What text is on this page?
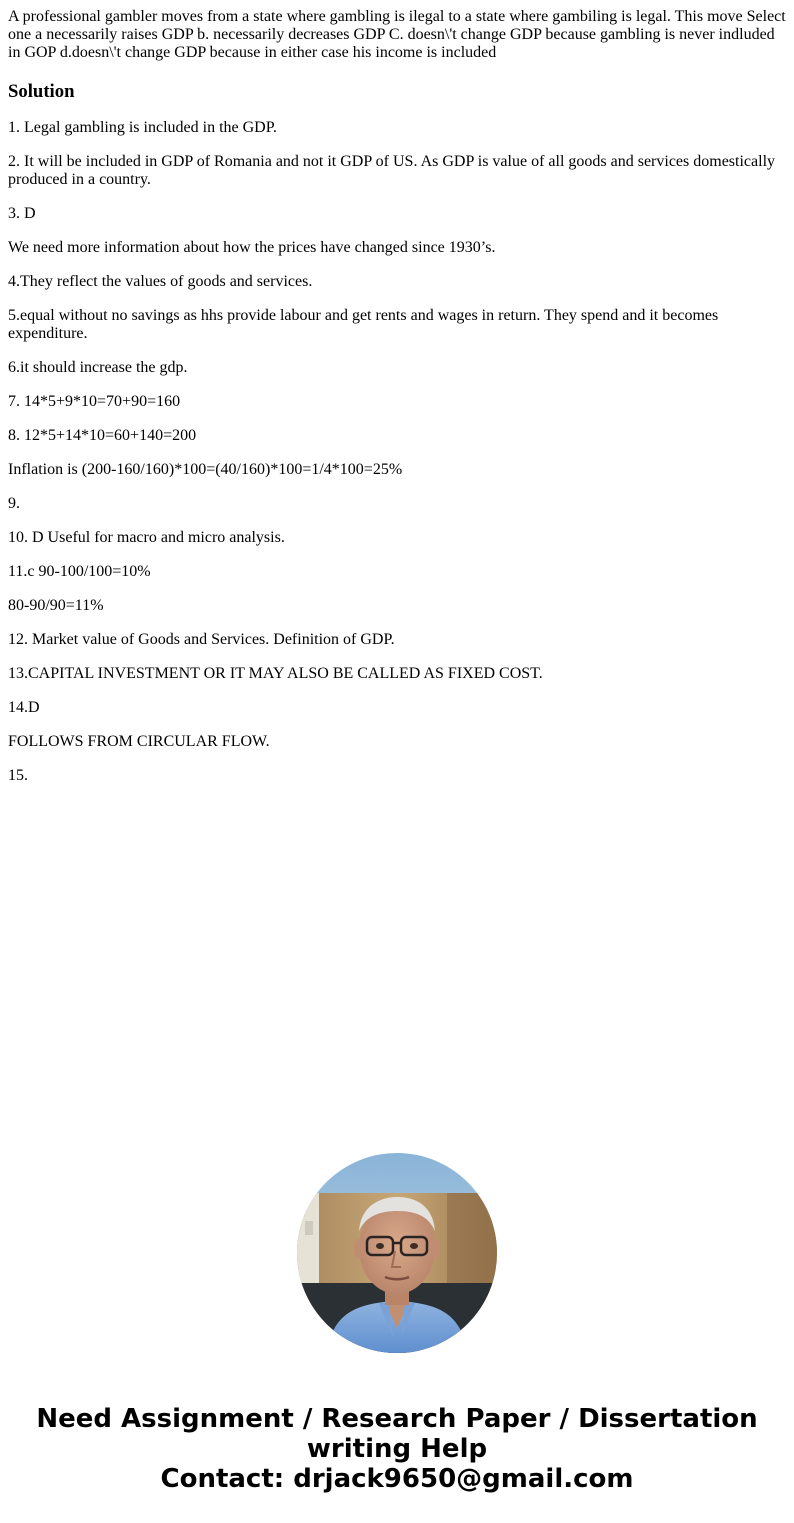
A professional gambler moves from a state where gambling is ilegal to a state where gambiling is legal. This move Select one a necessarily raises GDP b. necessarily decreases GDP C. doesn\'t change GDP because gambling is never indluded in GOP d.doesn\'t change GDP because in either case his income is included

Solution

1. Legal gambling is included in the GDP.

2. It will be included in GDP of Romania and not it GDP of US. As GDP is value of all goods and services domestically produced in a country.

3. D

We need more information about how the prices have changed since 1930’s.

4.They reflect the values of goods and services.

5.equal without no savings as hhs provide labour and get rents and wages in return. They spend and it becomes expenditure.

6.it should increase the gdp.

7. 14*5+9*10=70+90=160

8. 12*5+14*10=60+140=200

Inflation is (200-160/160)*100=(40/160)*100=1/4*100=25%

9.

10. D Useful for macro and micro analysis.

11.c 90-100/100=10%

80-90/90=11%

12. Market value of Goods and Services. Definition of GDP.

13.CAPITAL INVESTMENT OR IT MAY ALSO BE CALLED AS FIXED COST.

14.D

FOLLOWS FROM CIRCULAR FLOW.

15.

Need Assignment / Research Paper / Dissertation
writing Help
Contact: drjack9650@gmail.com
